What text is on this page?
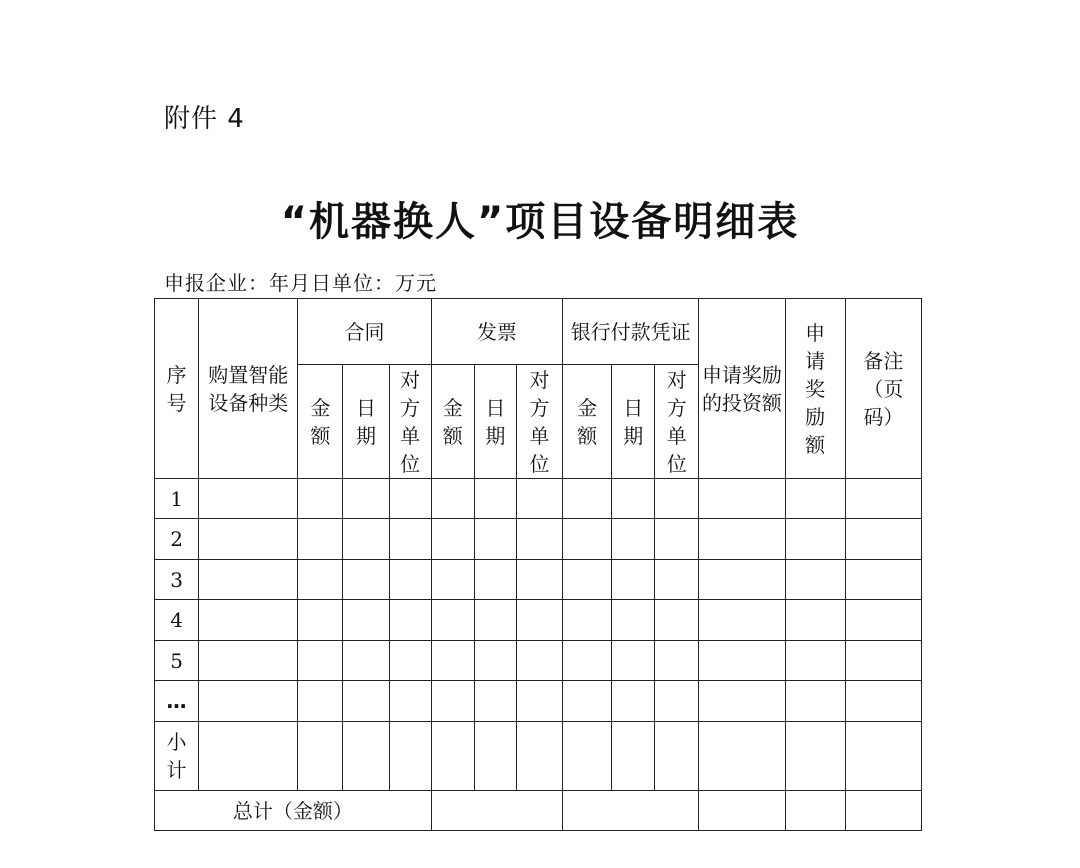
附件 4
“机器换人”项目设备明细表
申报企业：年月日单位：万元
序号	购置智能设备种类	合同			发票			银行付款凭证			申请奖励的投资额	申请奖励额	备注（页码）
		金额	日期	对方单位	金额	日期	对方单位	金额	日期	对方单位			
1													
2													
3													
4													
5													
…													
小计													
总计（金额）													
